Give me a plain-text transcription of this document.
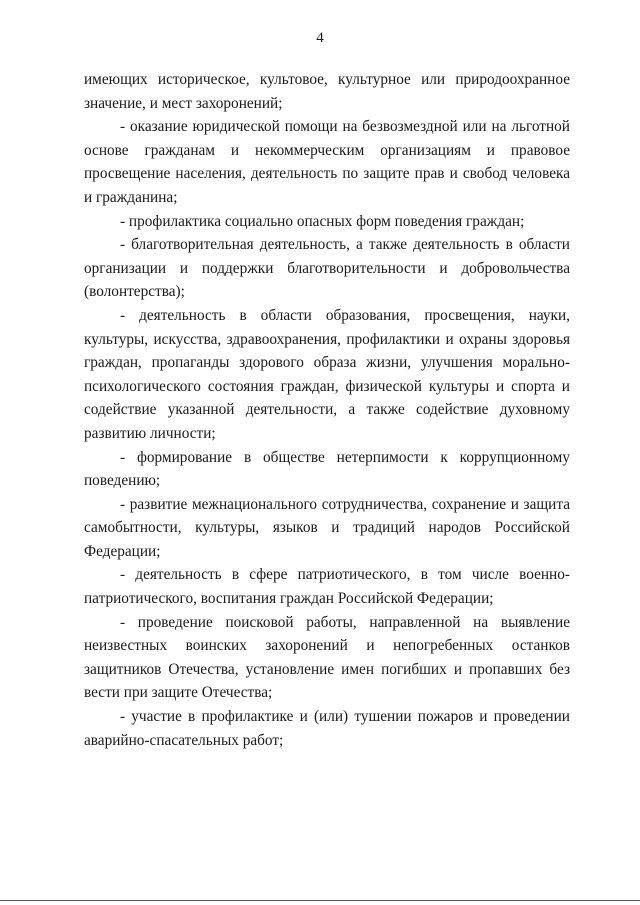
4

имеющих историческое, культовое, культурное или природоохранное значение, и мест захоронений;

- оказание юридической помощи на безвозмездной или на льготной основе гражданам и некоммерческим организациям и правовое просвещение населения, деятельность по защите прав и свобод человека и гражданина;

- профилактика социально опасных форм поведения граждан;

- благотворительная деятельность, а также деятельность в области организации и поддержки благотворительности и добровольчества (волонтерства);

- деятельность в области образования, просвещения, науки, культуры, искусства, здравоохранения, профилактики и охраны здоровья граждан, пропаганды здорового образа жизни, улучшения морально-психологического состояния граждан, физической культуры и спорта и содействие указанной деятельности, а также содействие духовному развитию личности;

- формирование в обществе нетерпимости к коррупционному поведению;

- развитие межнационального сотрудничества, сохранение и защита самобытности, культуры, языков и традиций народов Российской Федерации;

- деятельность в сфере патриотического, в том числе военно-патриотического, воспитания граждан Российской Федерации;

- проведение поисковой работы, направленной на выявление неизвестных воинских захоронений и непогребенных останков защитников Отечества, установление имен погибших и пропавших без вести при защите Отечества;

- участие в профилактике и (или) тушении пожаров и проведении аварийно-спасательных работ;
